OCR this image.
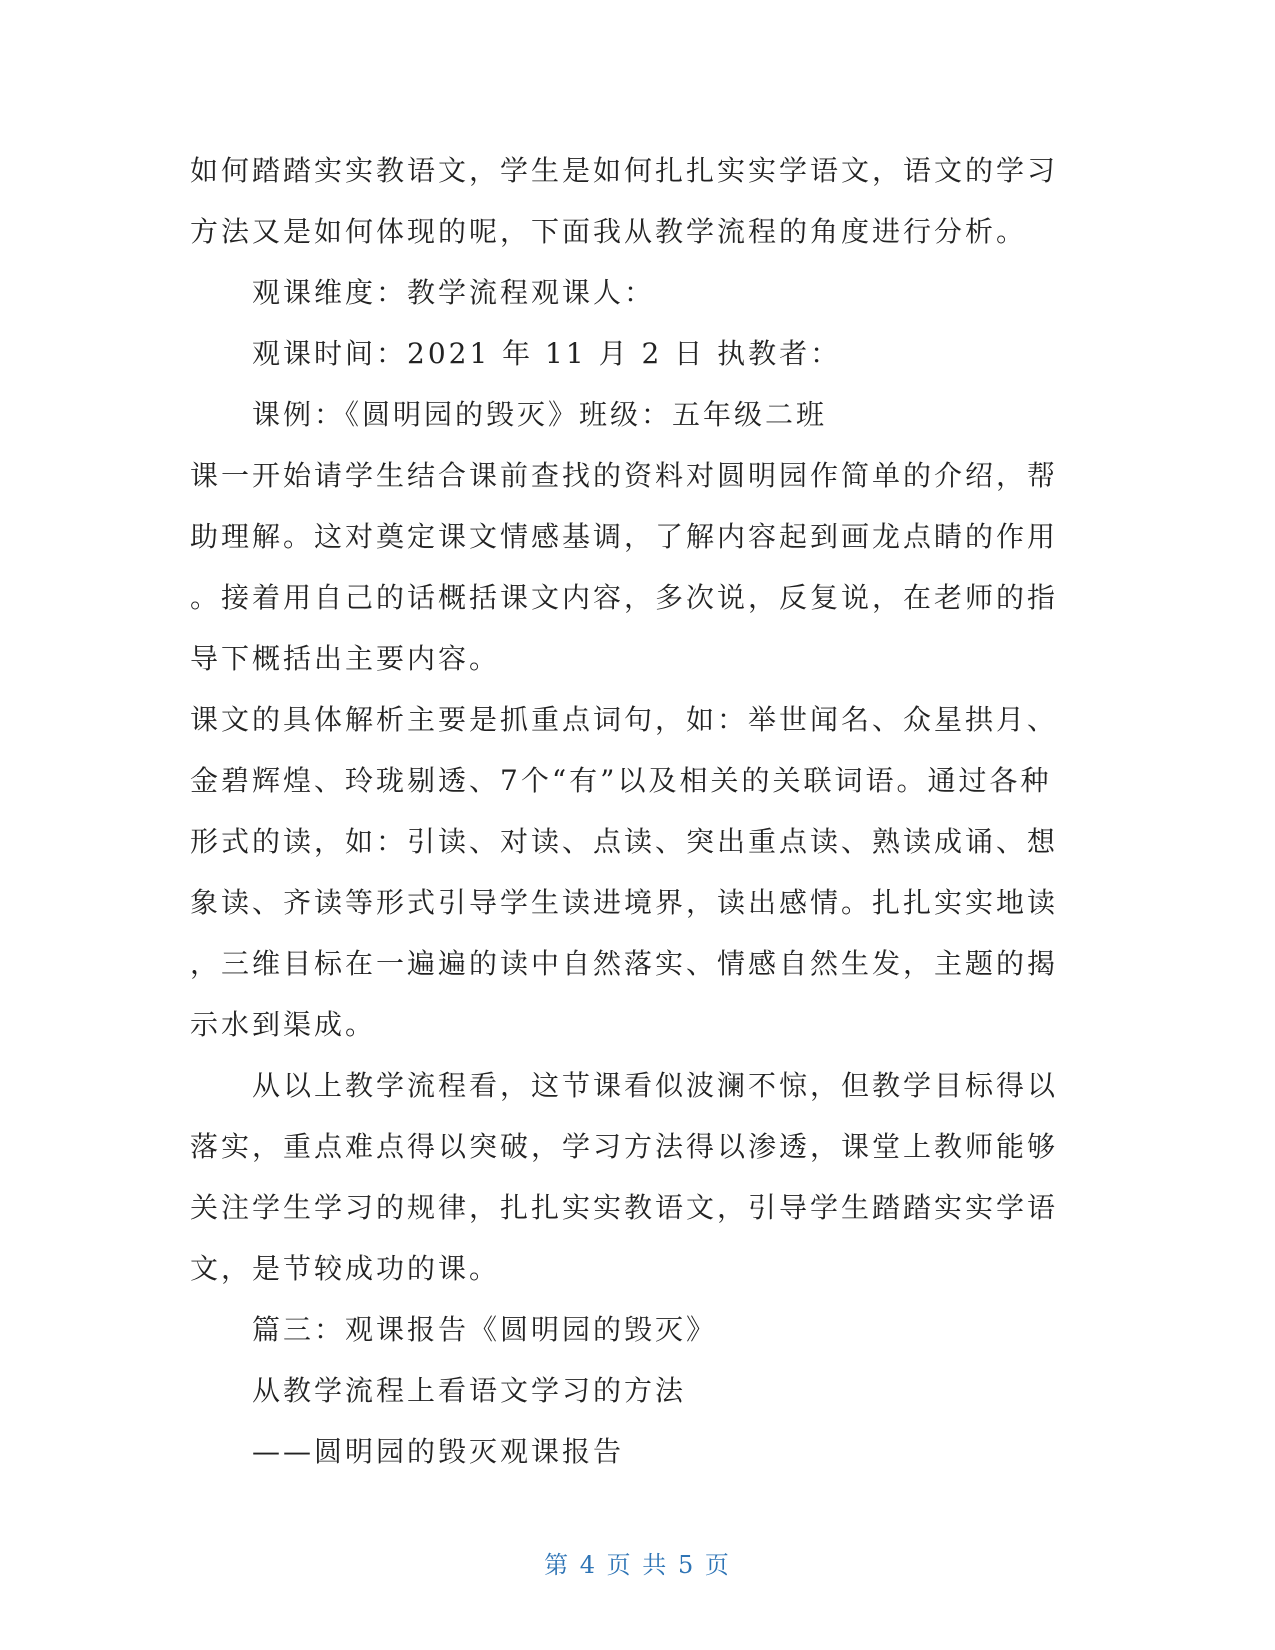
如何踏踏实实教语文，学生是如何扎扎实实学语文，语文的学习
方法又是如何体现的呢，下面我从教学流程的角度进行分析。
观课维度：教学流程观课人：
观课时间：2021 年 11 月 2 日 执教者：
课例：《圆明园的毁灭》班级：五年级二班
课一开始请学生结合课前查找的资料对圆明园作简单的介绍，帮
助理解。这对奠定课文情感基调，了解内容起到画龙点睛的作用
。接着用自己的话概括课文内容，多次说，反复说，在老师的指
导下概括出主要内容。
课文的具体解析主要是抓重点词句，如：举世闻名、众星拱月、
金碧辉煌、玲珑剔透、7个“有”以及相关的关联词语。通过各种
形式的读，如：引读、对读、点读、突出重点读、熟读成诵、想
象读、齐读等形式引导学生读进境界，读出感情。扎扎实实地读
，三维目标在一遍遍的读中自然落实、情感自然生发，主题的揭
示水到渠成。
从以上教学流程看，这节课看似波澜不惊，但教学目标得以
落实，重点难点得以突破，学习方法得以渗透，课堂上教师能够
关注学生学习的规律，扎扎实实教语文，引导学生踏踏实实学语
文，是节较成功的课。
篇三：观课报告《圆明园的毁灭》
从教学流程上看语文学习的方法
——圆明园的毁灭观课报告
第 4 页 共 5 页
